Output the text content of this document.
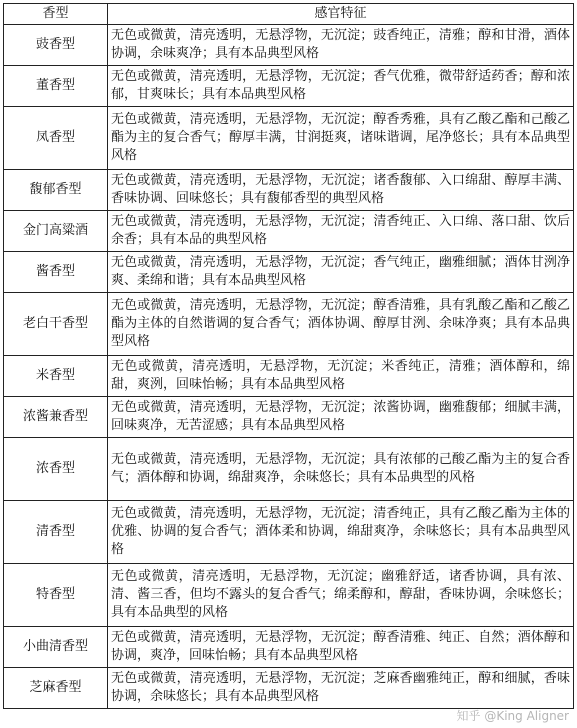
香型	感官特征
豉香型	无色或微黄，清亮透明，无悬浮物，无沉淀；豉香纯正，清雅；醇和甘滑，酒体协调，余味爽净；具有本品典型风格
董香型	无色或微黄，清亮透明，无悬浮物，无沉淀；香气优雅，微带舒适药香；醇和浓郁，甘爽味长；具有本品典型风格
凤香型	无色或微黄，清亮透明，无悬浮物，无沉淀；醇香秀雅，具有乙酸乙酯和己酸乙酯为主的复合香气；醇厚丰满，甘润挺爽，诸味谐调，尾净悠长；具有本品典型风格
馥郁香型	无色或微黄，清亮透明，无悬浮物，无沉淀；诸香馥郁、入口绵甜、醇厚丰满、香味协调、回味悠长；具有馥郁香型的典型风格
金门高粱酒	无色或微黄，清亮透明，无悬浮物，无沉淀；清香纯正、入口绵、落口甜、饮后余香；具有本品的典型风格
酱香型	无色或微黄，清亮透明，无悬浮物，无沉淀；香气纯正，幽雅细腻；酒体甘洌净爽、柔绵和谐；具有本品典型风格
老白干香型	无色或微黄，清亮透明，无悬浮物，无沉淀；醇香清雅，具有乳酸乙酯和乙酸乙酯为主体的自然谐调的复合香气；酒体协调、醇厚甘洌、余味净爽；具有本品典型风格
米香型	无色或微黄，清亮透明，无悬浮物，无沉淀；米香纯正，清雅；酒体醇和，绵甜，爽洌，回味怡畅；具有本品典型风格
浓酱兼香型	无色或微黄，清亮透明，无悬浮物，无沉淀；浓酱协调，幽雅馥郁；细腻丰满，回味爽净，无苦涩感；具有本品典型风格
浓香型	无色或微黄，清亮透明，无悬浮物，无沉淀；具有浓郁的己酸乙酯为主的复合香气；酒体醇和协调，绵甜爽净，余味悠长；具有本品典型的风格
清香型	无色或微黄，清亮透明，无悬浮物，无沉淀；清香纯正，具有乙酸乙酯为主体的优雅、协调的复合香气；酒体柔和协调，绵甜爽净，余味悠长；具有本品典型风格
特香型	无色或微黄，清亮透明，无悬浮物，无沉淀；幽雅舒适，诸香协调，具有浓、清、酱三香，但均不露头的复合香气；绵柔醇和，醇甜，香味协调，余味悠长；具有本品典型的风格
小曲清香型	无色或微黄，清亮透明，无悬浮物，无沉淀；醇香清雅、纯正、自然；酒体醇和协调，爽净，回味怡畅；具有本品典型风格
芝麻香型	无色或微黄，清亮透明，无悬浮物，无沉淀；芝麻香幽雅纯正，醇和细腻，香味协调，余味悠长；具有本品典型风格
知乎 @King Aligner
